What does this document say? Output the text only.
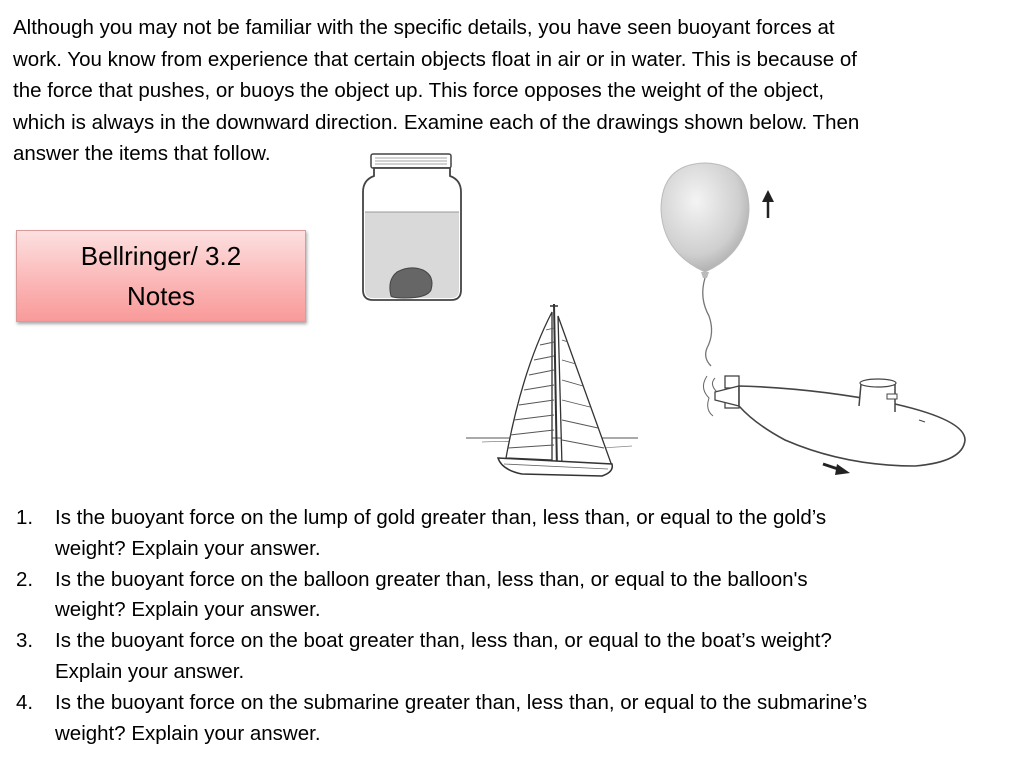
Although you may not be familiar with the specific details, you have seen buoyant forces at
work. You know from experience that certain objects float in air or in water. This is because of
the force that pushes, or buoys the object up. This force opposes the weight of the object,
which is always in the downward direction. Examine each of the drawings shown below. Then
answer the items that follow.

Bellringer/ 3.2
Notes
1. Is the buoyant force on the lump of gold greater than, less than, or equal to the gold’s
weight? Explain your answer.
2. Is the buoyant force on the balloon greater than, less than, or equal to the balloon's
weight? Explain your answer.
3. Is the buoyant force on the boat greater than, less than, or equal to the boat’s weight?
Explain your answer.
4. Is the buoyant force on the submarine greater than, less than, or equal to the submarine’s
weight? Explain your answer.
